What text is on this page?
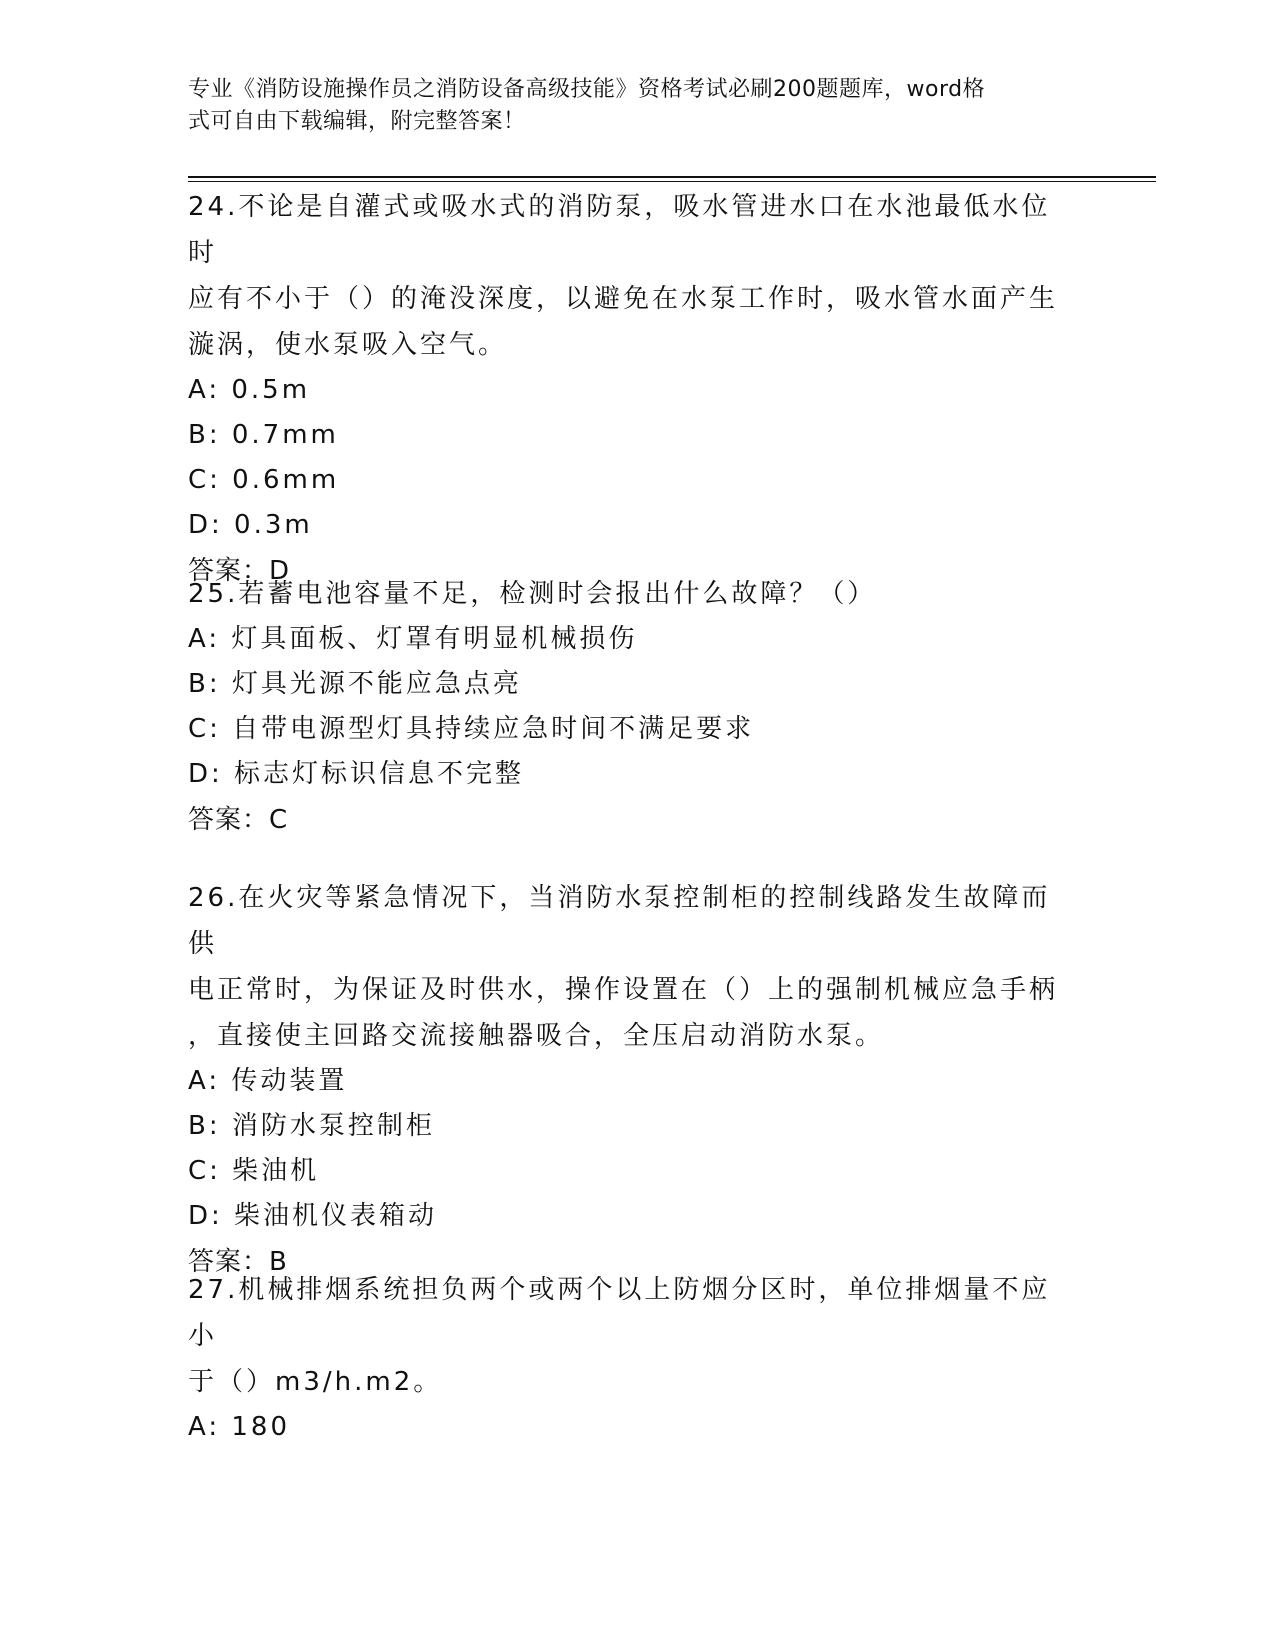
专业《消防设施操作员之消防设备高级技能》资格考试必刷200题题库，word格
式可自由下载编辑，附完整答案！

24.不论是自灌式或吸水式的消防泵，吸水管进水口在水池最低水位时

应有不小于（）的淹没深度，以避免在水泵工作时，吸水管水面产生

漩涡，使水泵吸入空气。

A: 0.5m

B: 0.7mm

C: 0.6mm

D: 0.3m

答案：D

25.若蓄电池容量不足，检测时会报出什么故障？（）

A: 灯具面板、灯罩有明显机械损伤

B: 灯具光源不能应急点亮

C: 自带电源型灯具持续应急时间不满足要求

D: 标志灯标识信息不完整

答案：C

26.在火灾等紧急情况下，当消防水泵控制柜的控制线路发生故障而供

电正常时，为保证及时供水，操作设置在（）上的强制机械应急手柄

，直接使主回路交流接触器吸合，全压启动消防水泵。

A: 传动装置

B: 消防水泵控制柜

C: 柴油机

D: 柴油机仪表箱动

答案：B

27.机械排烟系统担负两个或两个以上防烟分区时，单位排烟量不应小

于（）m3/h.m2。

A: 180
